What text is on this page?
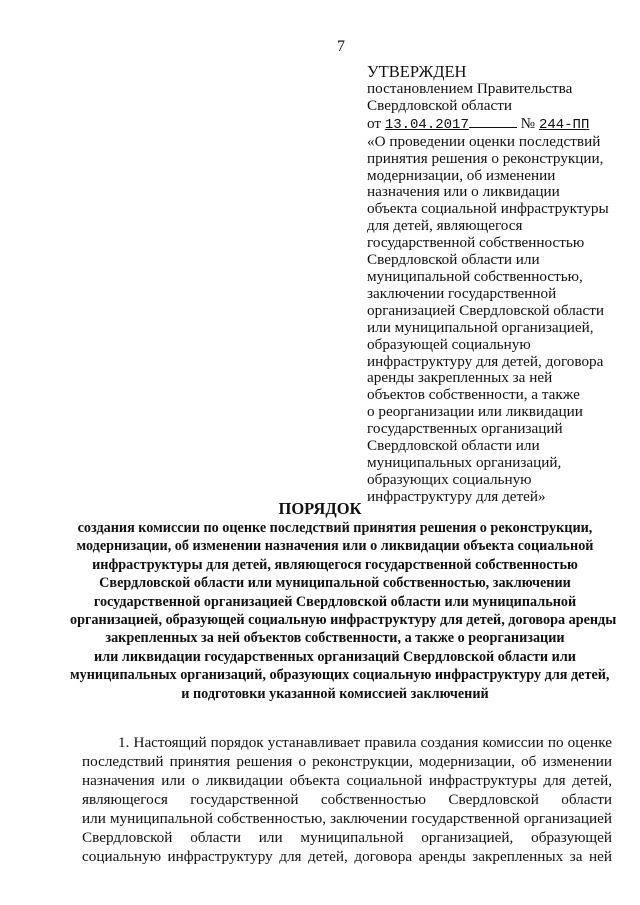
7
УТВЕРЖДЕН
постановлением Правительства
Свердловской области
от 13.04.2017	№ 244-ПП
«О проведении оценки последствий
принятия решения о реконструкции,
модернизации, об изменении
назначения или о ликвидации
объекта социальной инфраструктуры
для детей, являющегося
государственной собственностью
Свердловской области или
муниципальной собственностью,
заключении государственной
организацией Свердловской области
или муниципальной организацией,
образующей социальную
инфраструктуру для детей, договора
аренды закрепленных за ней
объектов собственности, а также
о реорганизации или ликвидации
государственных организаций
Свердловской области или
муниципальных организаций,
образующих социальную
инфраструктуру для детей»
ПОРЯДОК
создания комиссии по оценке последствий принятия решения о реконструкции,
модернизации, об изменении назначения или о ликвидации объекта социальной
инфраструктуры для детей, являющегося государственной собственностью
Свердловской области или муниципальной собственностью, заключении
государственной организацией Свердловской области или муниципальной
организацией, образующей социальную инфраструктуру для детей, договора аренды
закрепленных за ней объектов собственности, а также о реорганизации
или ликвидации государственных организаций Свердловской области или
муниципальных организаций, образующих социальную инфраструктуру для детей,
и подготовки указанной комиссией заключений
1. Настоящий порядок устанавливает правила создания комиссии по оценке
последствий принятия решения о реконструкции, модернизации, об изменении
назначения или о ликвидации объекта социальной инфраструктуры для детей,
являющегося государственной собственностью Свердловской области
или муниципальной собственностью, заключении государственной организацией
Свердловской области или муниципальной организацией, образующей
социальную инфраструктуру для детей, договора аренды закрепленных за ней
